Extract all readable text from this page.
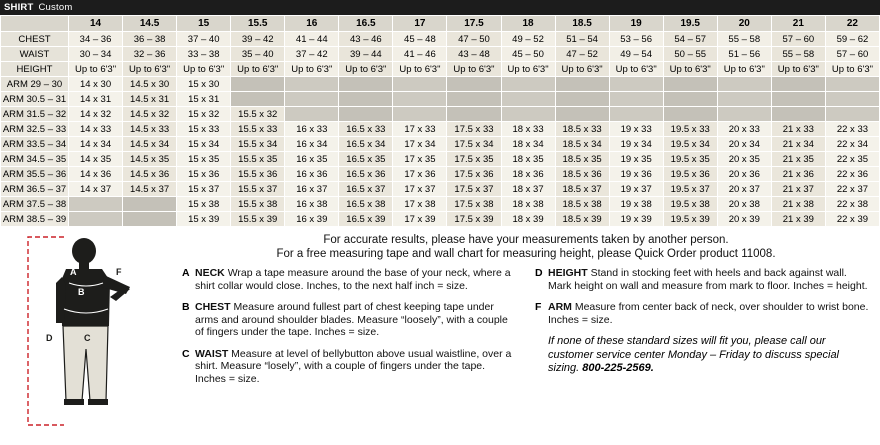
SHIRT Custom
	14	14.5	15	15.5	16	16.5	17	17.5	18	18.5	19	19.5	20	21	22
CHEST	34 – 36	36 – 38	37 – 40	39 – 42	41 – 44	43 – 46	45 – 48	47 – 50	49 – 52	51 – 54	53 – 56	54 – 57	55 – 58	57 – 60	59 – 62
WAIST	30 – 34	32 – 36	33 – 38	35 – 40	37 – 42	39 – 44	41 – 46	43 – 48	45 – 50	47 – 52	49 – 54	50 – 55	51 – 56	55 – 58	57 – 60
HEIGHT	Up to 6'3"	Up to 6'3"	Up to 6'3"	Up to 6'3"	Up to 6'3"	Up to 6'3"	Up to 6'3"	Up to 6'3"	Up to 6'3"	Up to 6'3"	Up to 6'3"	Up to 6'3"	Up to 6'3"	Up to 6'3"	Up to 6'3"
ARM 29 – 30	14 x 30	14.5 x 30	15 x 30												
ARM 30.5 – 31	14 x 31	14.5 x 31	15 x 31												
ARM 31.5 – 32	14 x 32	14.5 x 32	15 x 32	15.5 x 32											
ARM 32.5 – 33	14 x 33	14.5 x 33	15 x 33	15.5 x 33	16 x 33	16.5 x 33	17 x 33	17.5 x 33	18 x 33	18.5 x 33	19 x 33	19.5 x 33	20 x 33	21 x 33	22 x 33
ARM 33.5 – 34	14 x 34	14.5 x 34	15 x 34	15.5 x 34	16 x 34	16.5 x 34	17 x 34	17.5 x 34	18 x 34	18.5 x 34	19 x 34	19.5 x 34	20 x 34	21 x 34	22 x 34
ARM 34.5 – 35	14 x 35	14.5 x 35	15 x 35	15.5 x 35	16 x 35	16.5 x 35	17 x 35	17.5 x 35	18 x 35	18.5 x 35	19 x 35	19.5 x 35	20 x 35	21 x 35	22 x 35
ARM 35.5 – 36	14 x 36	14.5 x 36	15 x 36	15.5 x 36	16 x 36	16.5 x 36	17 x 36	17.5 x 36	18 x 36	18.5 x 36	19 x 36	19.5 x 36	20 x 36	21 x 36	22 x 36
ARM 36.5 – 37	14 x 37	14.5 x 37	15 x 37	15.5 x 37	16 x 37	16.5 x 37	17 x 37	17.5 x 37	18 x 37	18.5 x 37	19 x 37	19.5 x 37	20 x 37	21 x 37	22 x 37
ARM 37.5 – 38			15 x 38	15.5 x 38	16 x 38	16.5 x 38	17 x 38	17.5 x 38	18 x 38	18.5 x 38	19 x 38	19.5 x 38	20 x 38	21 x 38	22 x 38
ARM 38.5 – 39			15 x 39	15.5 x 39	16 x 39	16.5 x 39	17 x 39	17.5 x 39	18 x 39	18.5 x 39	19 x 39	19.5 x 39	20 x 39	21 x 39	22 x 39
A
B
C
D
F
For accurate results, please have your measurements taken by another person.
For a free measuring tape and wall chart for measuring height, please Quick Order product 11008.
A NECK Wrap a tape measure around the base of your neck, where a shirt collar would close. Inches, to the next half inch = size.
B CHEST Measure around fullest part of chest keeping tape under arms and around shoulder blades. Measure “loosely”, with a couple of fingers under the tape. Inches = size.
C WAIST Measure at level of bellybutton above usual waistline, over a shirt. Measure “losely”, with a couple of fingers under the tape. Inches = size.
D HEIGHT Stand in stocking feet with heels and back against wall. Mark height on wall and measure from mark to floor. Inches = height.
F ARM Measure from center back of neck, over shoulder to wrist bone. Inches = size.
If none of these standard sizes will fit you, please call our customer service center Monday – Friday to discuss special sizing. 800-225-2569.
